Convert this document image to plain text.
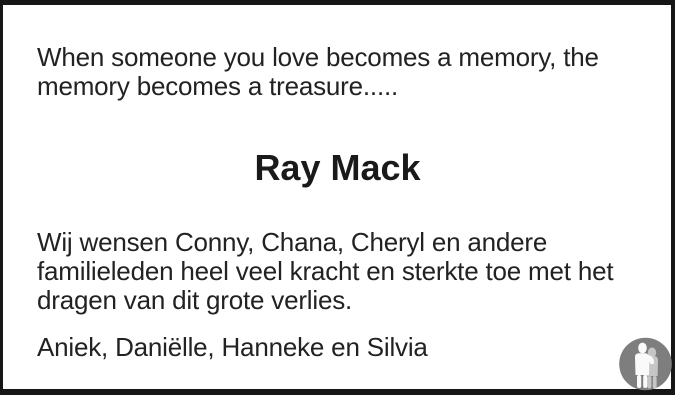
When someone you love becomes a memory, the
memory becomes a treasure.....
Ray Mack
Wij wensen Conny, Chana, Cheryl en andere
familieleden heel veel kracht en sterkte toe met het
dragen van dit grote verlies.
Aniek, Daniëlle, Hanneke en Silvia
